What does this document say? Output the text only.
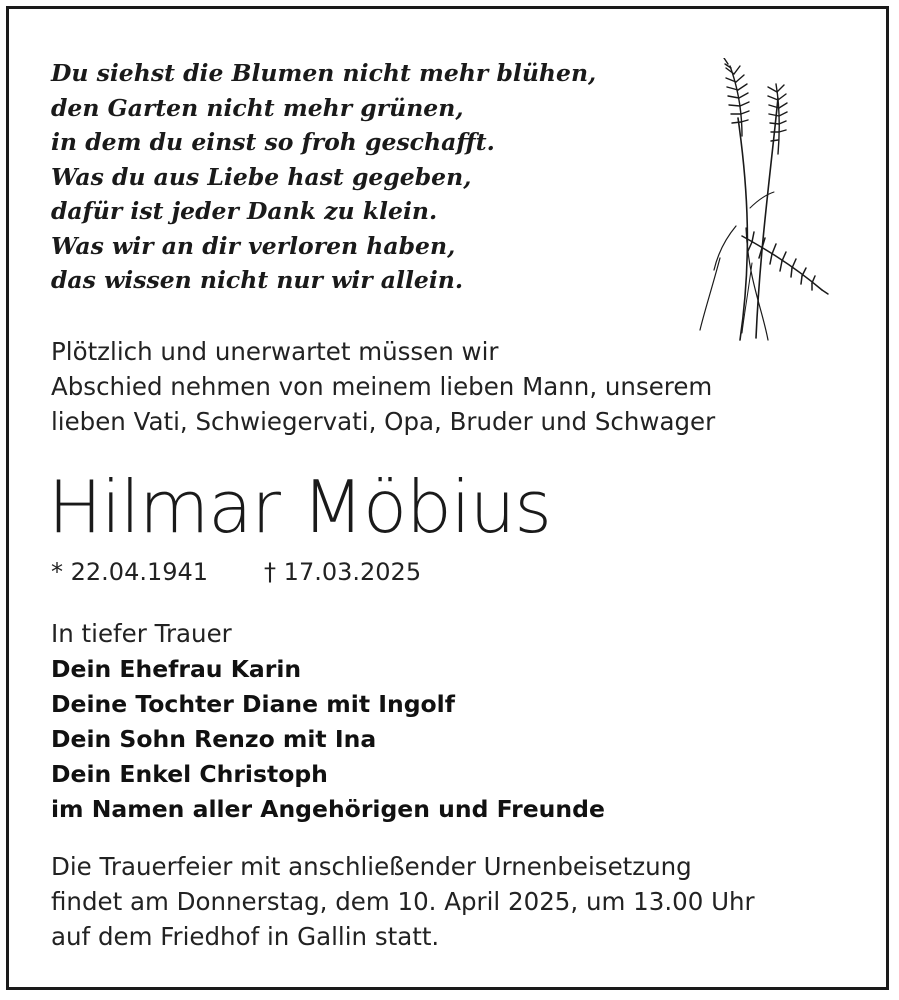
Du siehst die Blumen nicht mehr blühen,
den Garten nicht mehr grünen,
in dem du einst so froh geschafft.
Was du aus Liebe hast gegeben,
dafür ist jeder Dank zu klein.
Was wir an dir verloren haben,
das wissen nicht nur wir allein.
Plötzlich und unerwartet müssen wir
Abschied nehmen von meinem lieben Mann, unserem
lieben Vati, Schwiegervati, Opa, Bruder und Schwager
Hilmar Möbius
* 22.04.1941 † 17.03.2025
In tiefer Trauer
Dein Ehefrau Karin
Deine Tochter Diane mit Ingolf
Dein Sohn Renzo mit Ina
Dein Enkel Christoph
im Namen aller Angehörigen und Freunde
Die Trauerfeier mit anschließender Urnenbeisetzung
findet am Donnerstag, dem 10. April 2025, um 13.00 Uhr
auf dem Friedhof in Gallin statt.
